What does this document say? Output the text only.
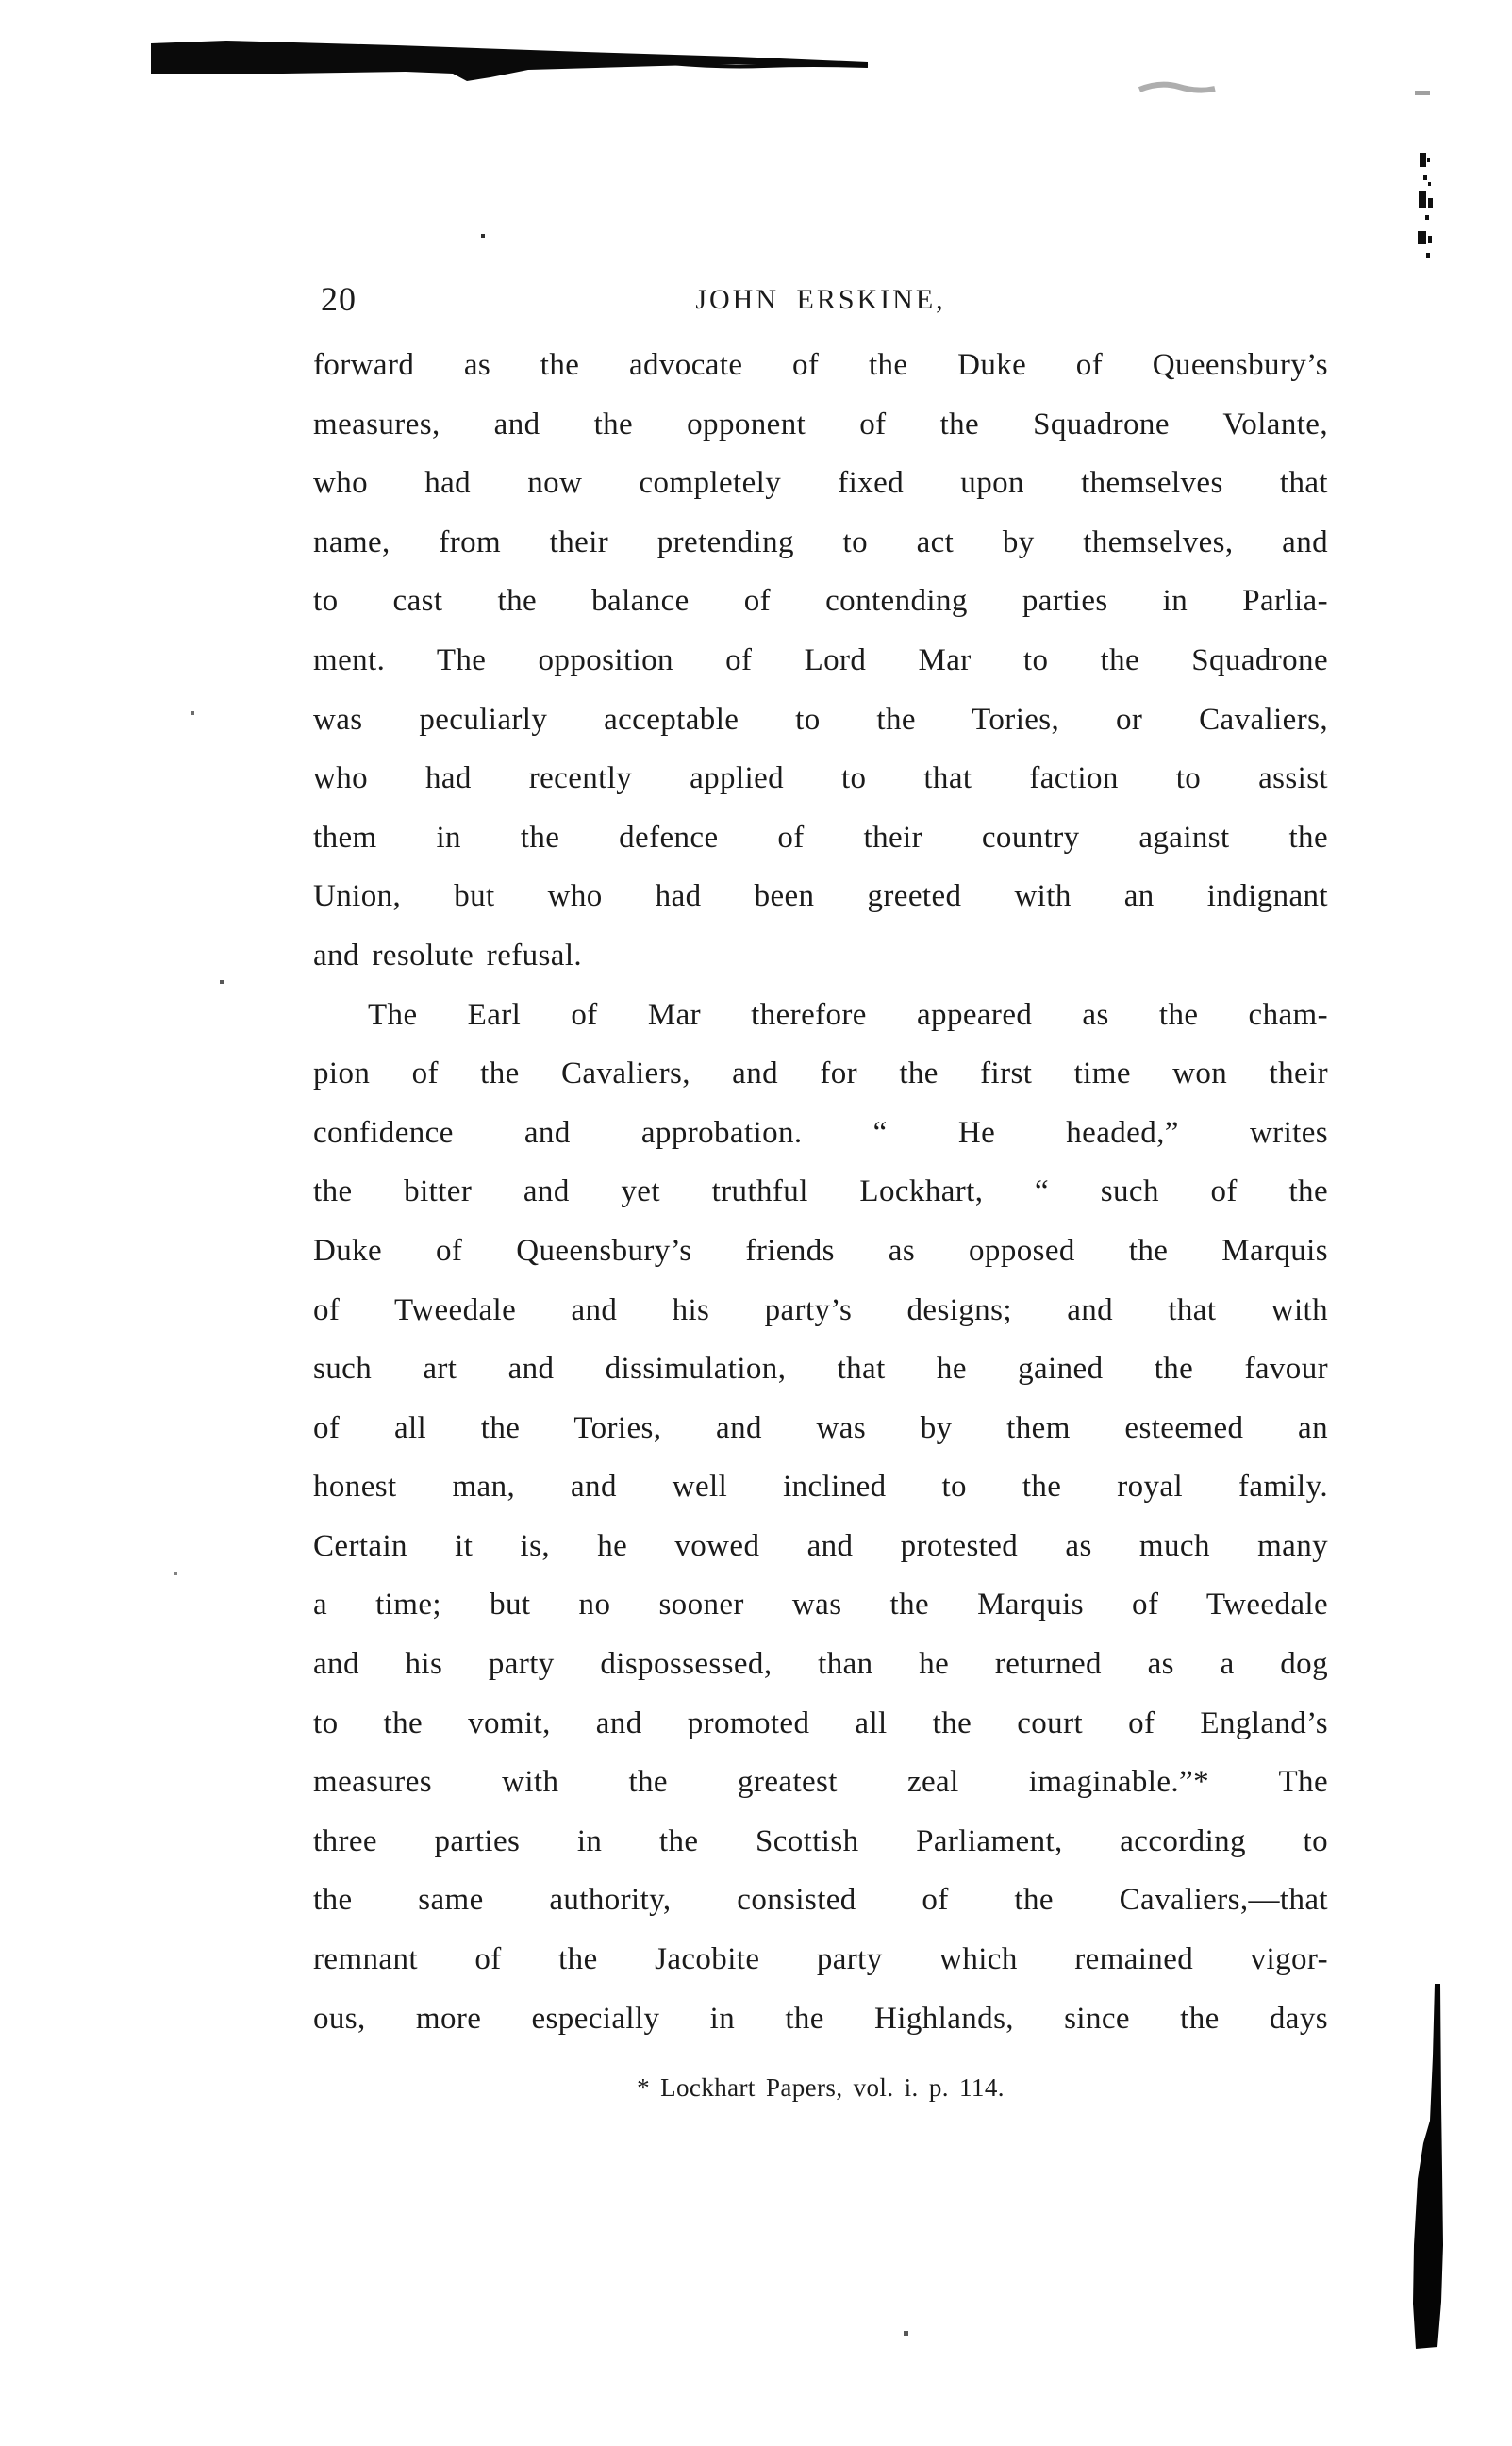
20	JOHN ERSKINE,
forward as the advocate of the Duke of Queensbury’s
measures, and the opponent of the Squadrone Volante,
who had now completely fixed upon themselves that
name, from their pretending to act by themselves, and
to cast the balance of contending parties in Parlia-
ment. The opposition of Lord Mar to the Squadrone
was peculiarly acceptable to the Tories, or Cavaliers,
who had recently applied to that faction to assist
them in the defence of their country against the
Union, but who had been greeted with an indignant
and resolute refusal.
The Earl of Mar therefore appeared as the cham-
pion of the Cavaliers, and for the first time won their
confidence and approbation. “ He headed,” writes
the bitter and yet truthful Lockhart, “ such of the
Duke of Queensbury’s friends as opposed the Marquis
of Tweedale and his party’s designs; and that with
such art and dissimulation, that he gained the favour
of all the Tories, and was by them esteemed an
honest man, and well inclined to the royal family.
Certain it is, he vowed and protested as much many
a time; but no sooner was the Marquis of Tweedale
and his party dispossessed, than he returned as a dog
to the vomit, and promoted all the court of England’s
measures with the greatest zeal imaginable.”* The
three parties in the Scottish Parliament, according to
the same authority, consisted of the Cavaliers,—that
remnant of the Jacobite party which remained vigor-
ous, more especially in the Highlands, since the days
* Lockhart Papers, vol. i. p. 114.
